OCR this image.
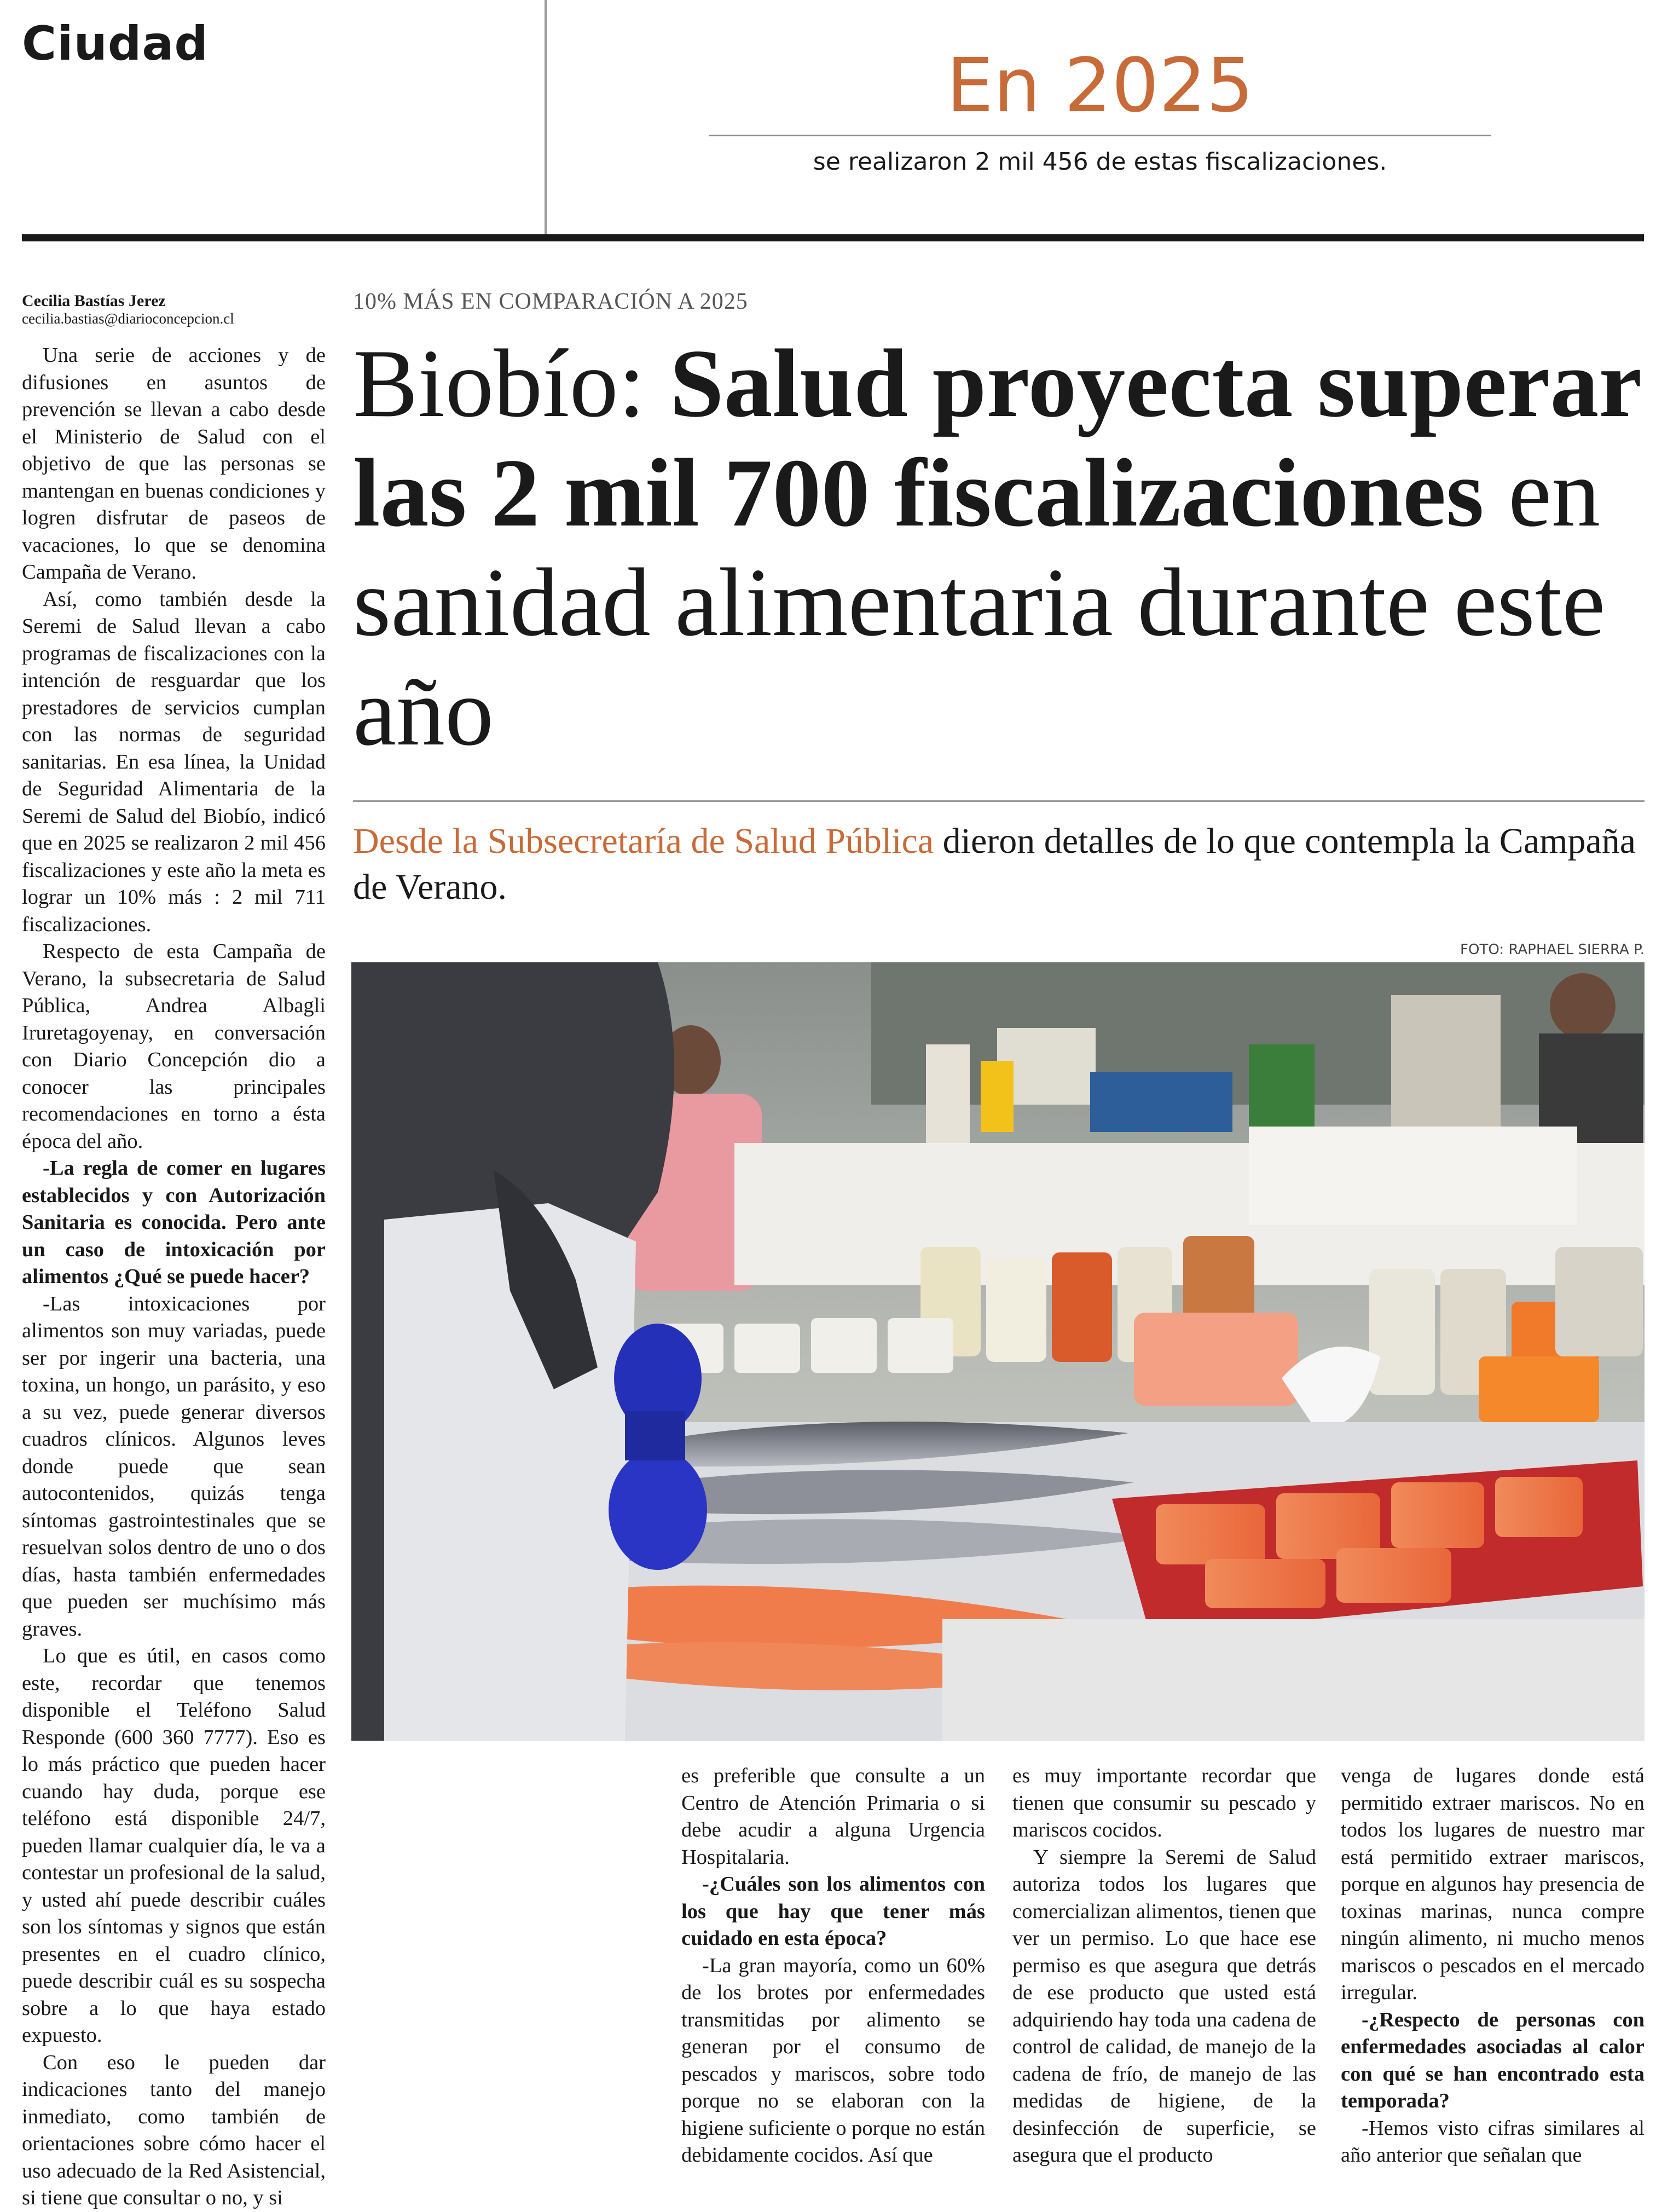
Ciudad	En 2025
se realizaron 2 mil 456 de estas fiscalizaciones.
Cecilia Bastías Jerez
cecilia.bastias@diarioconcepcion.cl
10% MÁS EN COMPARACIÓN A 2025
Biobío: Salud proyecta superar las 2 mil 700 fiscalizaciones en sanidad alimentaria durante este año
Desde la Subsecretaría de Salud Pública dieron detalles de lo que contempla la Campaña de Verano.
FOTO: RAPHAEL SIERRA P.

Una serie de acciones y de difusiones en asuntos de prevención se llevan a cabo desde el Ministerio de Salud con el objetivo de que las personas se mantengan en buenas condiciones y logren disfrutar de paseos de vacaciones, lo que se denomina Campaña de Verano.

Así, como también desde la Seremi de Salud llevan a cabo programas de fiscalizaciones con la intención de resguardar que los prestadores de servicios cumplan con las normas de seguridad sanitarias. En esa línea, la Unidad de Seguridad Alimentaria de la Seremi de Salud del Biobío, indicó que en 2025 se realizaron 2 mil 456 fiscalizaciones y este año la meta es lograr un 10% más : 2 mil 711 fiscalizaciones.

Respecto de esta Campaña de Verano, la subsecretaria de Salud Pública, Andrea Albagli Iruretagoyenay, en conversación con Diario Concepción dio a conocer las principales recomendaciones en torno a ésta época del año.

-La regla de comer en lugares establecidos y con Autorización Sanitaria es conocida. Pero ante un caso de intoxicación por alimentos ¿Qué se puede hacer?

-Las intoxicaciones por alimentos son muy variadas, puede ser por ingerir una bacteria, una toxina, un hongo, un parásito, y eso a su vez, puede generar diversos cuadros clínicos. Algunos leves donde puede que sean autocontenidos, quizás tenga síntomas gastrointestinales que se resuelvan solos dentro de uno o dos días, hasta también enfermedades que pueden ser muchísimo más graves.

Lo que es útil, en casos como este, recordar que tenemos disponible el Teléfono Salud Responde (600 360 7777). Eso es lo más práctico que pueden hacer cuando hay duda, porque ese teléfono está disponible 24/7, pueden llamar cualquier día, le va a contestar un profesional de la salud, y usted ahí puede describir cuáles son los síntomas y signos que están presentes en el cuadro clínico, puede describir cuál es su sospecha sobre a lo que haya estado expuesto.

Con eso le pueden dar indicaciones tanto del manejo inmediato, como también de orientaciones sobre cómo hacer el uso adecuado de la Red Asistencial, si tiene que consultar o no, y si

es preferible que consulte a un Centro de Atención Primaria o si debe acudir a alguna Urgencia Hospitalaria.

-¿Cuáles son los alimentos con los que hay que tener más cuidado en esta época?

-La gran mayoría, como un 60% de los brotes por enfermedades transmitidas por alimento se generan por el consumo de pescados y mariscos, sobre todo porque no se elaboran con la higiene suficiente o porque no están debidamente cocidos. Así que

es muy importante recordar que tienen que consumir su pescado y mariscos cocidos.

Y siempre la Seremi de Salud autoriza todos los lugares que comercializan alimentos, tienen que ver un permiso. Lo que hace ese permiso es que asegura que detrás de ese producto que usted está adquiriendo hay toda una cadena de control de calidad, de manejo de la cadena de frío, de manejo de las medidas de higiene, de la desinfección de superficie, se asegura que el producto

venga de lugares donde está permitido extraer mariscos. No en todos los lugares de nuestro mar está permitido extraer mariscos, porque en algunos hay presencia de toxinas marinas, nunca compre ningún alimento, ni mucho menos mariscos o pescados en el mercado irregular.

-¿Respecto de personas con enfermedades asociadas al calor con qué se han encontrado esta temporada?

-Hemos visto cifras similares al año anterior que señalan que
